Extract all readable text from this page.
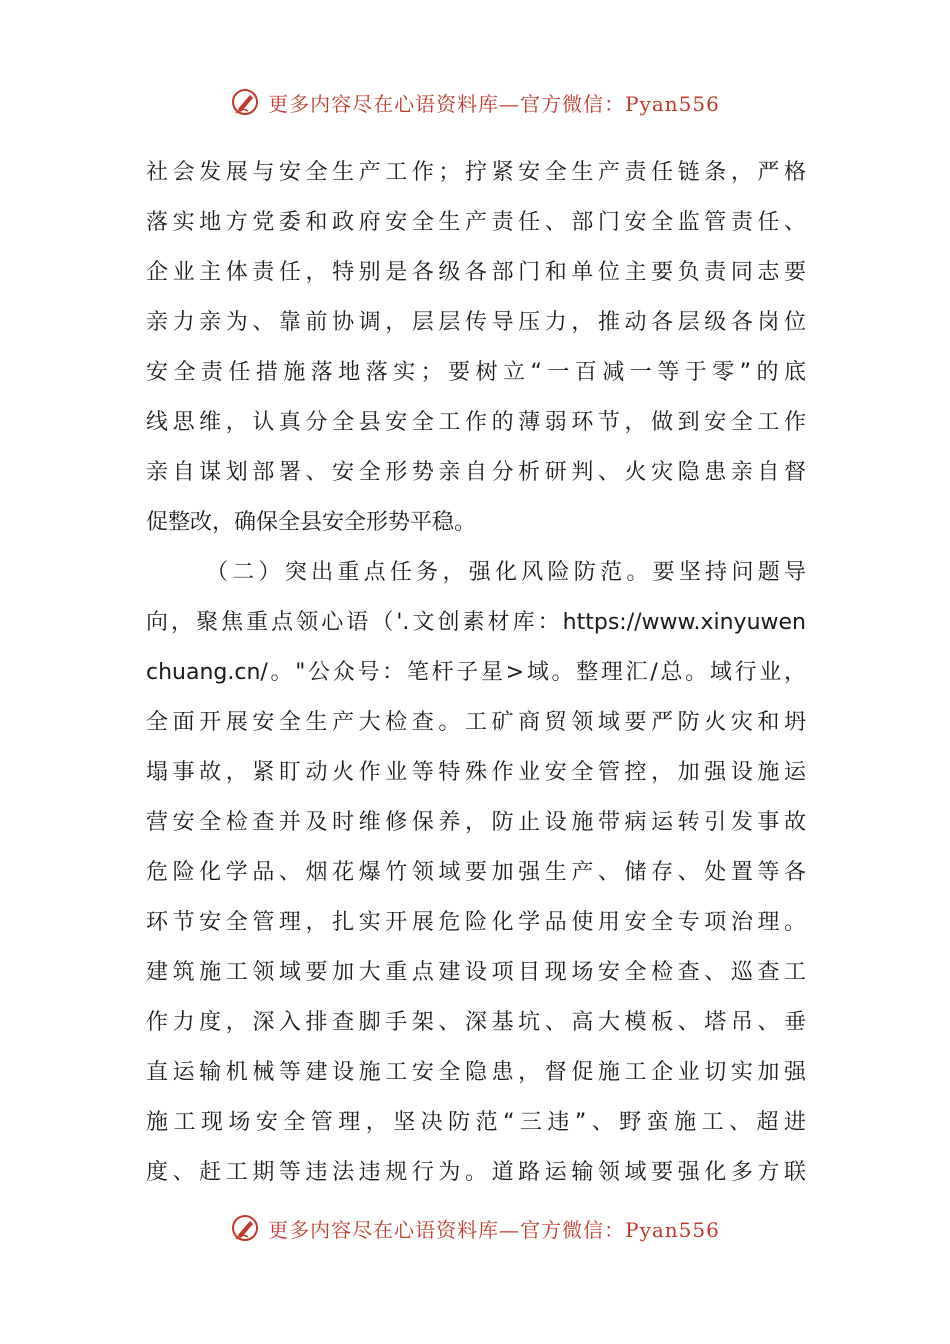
更多内容尽在心语资料库—官方微信：Pyan556
社会发展与安全生产工作；拧紧安全生产责任链条，严格
落实地方党委和政府安全生产责任、部门安全监管责任、
企业主体责任，特别是各级各部门和单位主要负责同志要
亲力亲为、靠前协调，层层传导压力，推动各层级各岗位
安全责任措施落地落实；要树立“一百减一等于零”的底
线思维，认真分全县安全工作的薄弱环节，做到安全工作
亲自谋划部署、安全形势亲自分析研判、火灾隐患亲自督
促整改，确保全县安全形势平稳。
（二）突出重点任务，强化风险防范。要坚持问题导
向，聚焦重点领心语（'.文创素材库：https://www.xinyuwen
chuang.cn/。"公众号：笔杆子星>域。整理汇/总。域行业，
全面开展安全生产大检查。工矿商贸领域要严防火灾和坍
塌事故，紧盯动火作业等特殊作业安全管控，加强设施运
营安全检查并及时维修保养，防止设施带病运转引发事故
危险化学品、烟花爆竹领域要加强生产、储存、处置等各
环节安全管理，扎实开展危险化学品使用安全专项治理。
建筑施工领域要加大重点建设项目现场安全检查、巡查工
作力度，深入排查脚手架、深基坑、高大模板、塔吊、垂
直运输机械等建设施工安全隐患，督促施工企业切实加强
施工现场安全管理，坚决防范“三违”、野蛮施工、超进
度、赶工期等违法违规行为。道路运输领域要强化多方联
更多内容尽在心语资料库—官方微信：Pyan556
